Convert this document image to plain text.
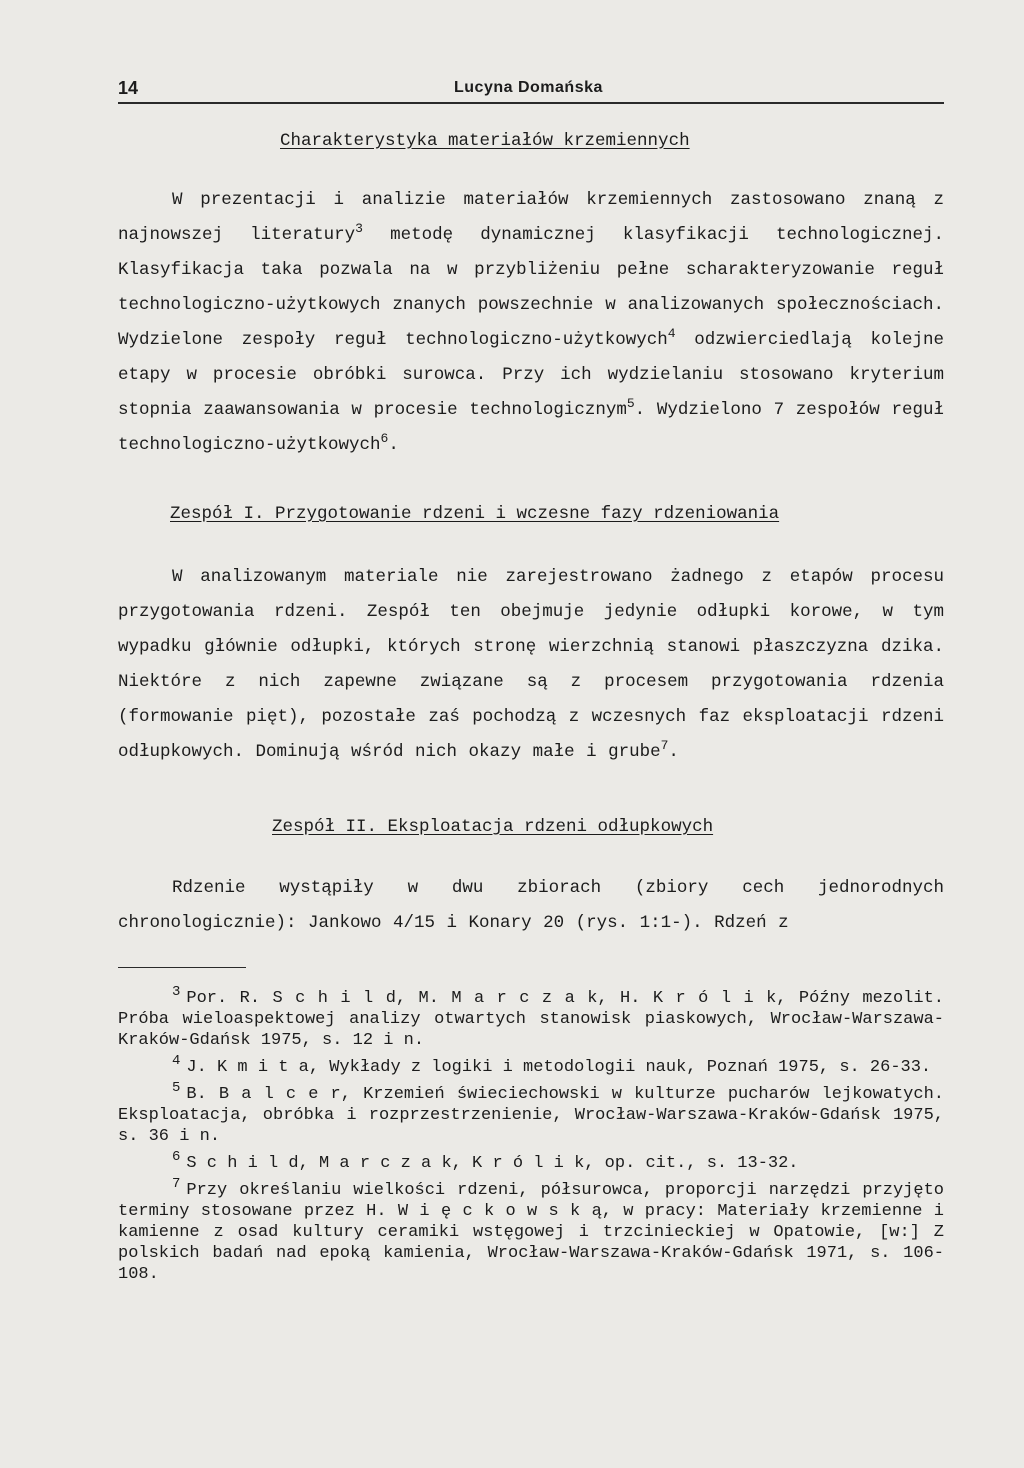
14	Lucyna Domańska
Charakterystyka materiałów krzemiennych

W prezentacji i analizie materiałów krzemiennych zastosowano znaną z najnowszej literatury$^3$ metodę dynamicznej klasyfikacji technologicznej. Klasyfikacja taka pozwala na w przybliżeniu pełne scharakteryzowanie reguł technologiczno-użytkowych znanych powszechnie w analizowanych społecznościach. Wydzielone zespoły reguł technologiczno-użytkowych$^4$ odzwierciedlają kolejne etapy w procesie obróbki surowca. Przy ich wydzielaniu stosowano kryterium stopnia zaawansowania w procesie technologicznym$^5$. Wydzielono 7 zespołów reguł technologiczno-użytkowych$^6$.

Zespół I. Przygotowanie rdzeni i wczesne fazy rdzeniowania

W analizowanym materiale nie zarejestrowano żadnego z etapów procesu przygotowania rdzeni. Zespół ten obejmuje jedynie odłupki korowe, w tym wypadku głównie odłupki, których stronę wierzchnią stanowi płaszczyzna dzika. Niektóre z nich zapewne związane są z procesem przygotowania rdzenia (formowanie pięt), pozostałe zaś pochodzą z wczesnych faz eksploatacji rdzeni odłupkowych. Dominują wśród nich okazy małe i grube$^7$.

Zespół II. Eksploatacja rdzeni odłupkowych

Rdzenie wystąpiły w dwu zbiorach (zbiory cech jednorodnych chronologicznie): Jankowo 4/15 i Konary 20 (rys. 1:1-). Rdzeń z

$^3$ Por. R. S c h i l d, M. M a r c z a k, H. K r ó l i k, Późny mezolit. Próba wieloaspektowej analizy otwartych stanowisk piaskowych, Wrocław-Warszawa-Kraków-Gdańsk 1975, s. 12 i n.

$^4$ J. K m i t a, Wykłady z logiki i metodologii nauk, Poznań 1975, s. 26-33.

$^5$ B. B a l c e r, Krzemień świeciechowski w kulturze pucharów lejkowatych. Eksploatacja, obróbka i rozprzestrzenienie, Wrocław-Warszawa-Kraków-Gdańsk 1975, s. 36 i n.

$^6$ S c h i l d, M a r c z a k, K r ó l i k, op. cit., s. 13-32.

$^7$ Przy określaniu wielkości rdzeni, półsurowca, proporcji narzędzi przyjęto terminy stosowane przez H. W i ę c k o w s k ą, w pracy: Materiały krzemienne i kamienne z osad kultury ceramiki wstęgowej i trzcinieckiej w Opatowie, [w:] Z polskich badań nad epoką kamienia, Wrocław-Warszawa-Kraków-Gdańsk 1971, s. 106-108.
